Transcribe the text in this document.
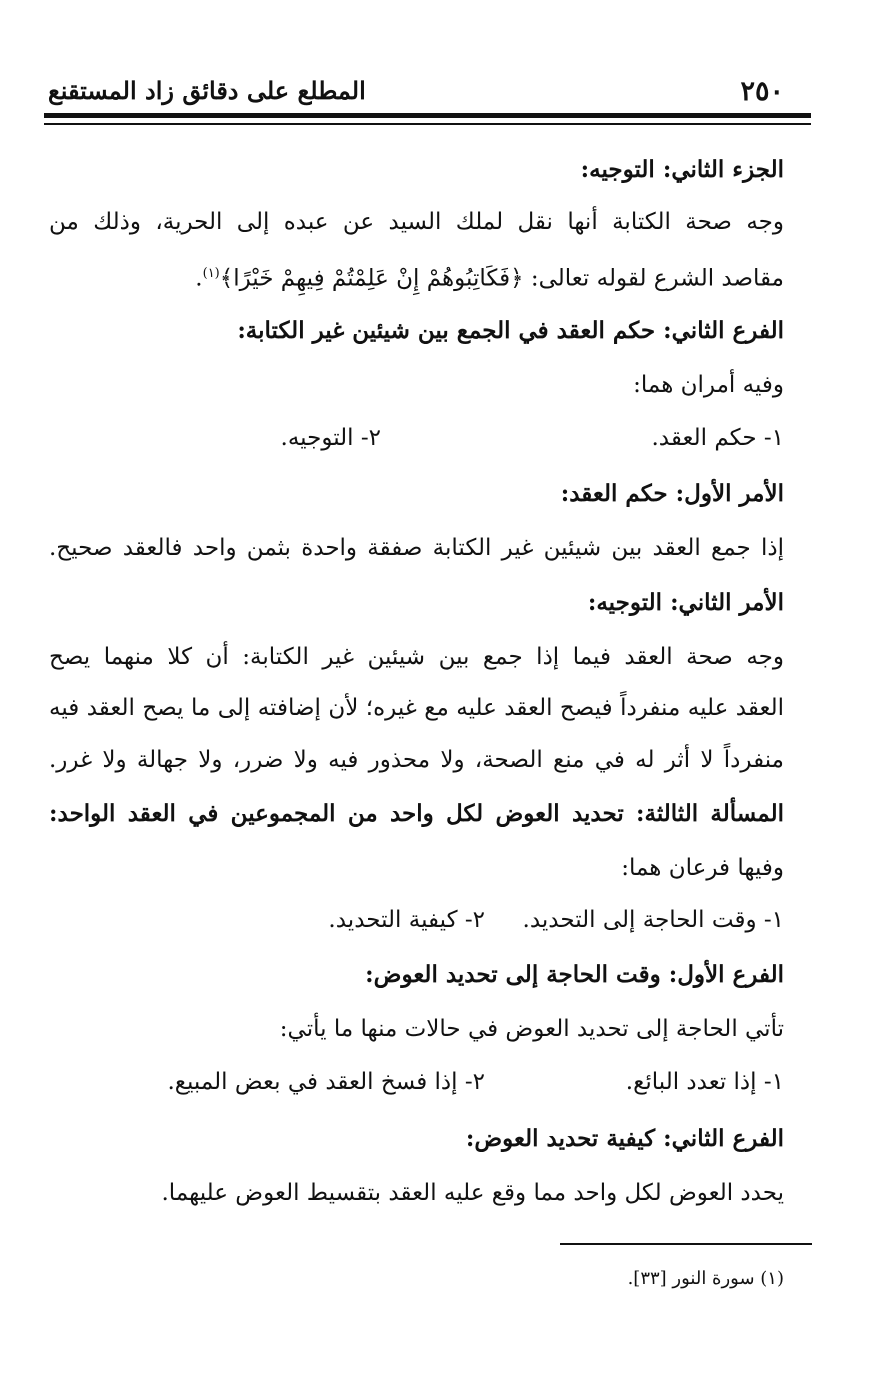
٢٥٠
المطلع على دقائق زاد المستقنع
الجزء الثاني: التوجيه:
وجه صحة الكتابة أنها نقل لملك السيد عن عبده إلى الحرية، وذلك من
مقاصد الشرع لقوله تعالى: ﴿فَكَاتِبُوهُمْ إِنْ عَلِمْتُمْ فِيهِمْ خَيْرًا﴾$^{(١)}$.
الفرع الثاني: حكم العقد في الجمع بين شيئين غير الكتابة:
وفيه أمران هما:
١- حكم العقد.
٢- التوجيه.
الأمر الأول: حكم العقد:
إذا جمع العقد بين شيئين غير الكتابة صفقة واحدة بثمن واحد فالعقد صحيح.
الأمر الثاني: التوجيه:
وجه صحة العقد فيما إذا جمع بين شيئين غير الكتابة: أن كلا منهما يصح
العقد عليه منفرداً فيصح العقد عليه مع غيره؛ لأن إضافته إلى ما يصح العقد فيه
منفرداً لا أثر له في منع الصحة، ولا محذور فيه ولا ضرر، ولا جهالة ولا غرر.
المسألة الثالثة: تحديد العوض لكل واحد من المجموعين في العقد الواحد:
وفيها فرعان هما:
١- وقت الحاجة إلى التحديد.
٢- كيفية التحديد.
الفرع الأول: وقت الحاجة إلى تحديد العوض:
تأتي الحاجة إلى تحديد العوض في حالات منها ما يأتي:
١- إذا تعدد البائع.
٢- إذا فسخ العقد في بعض المبيع.
الفرع الثاني: كيفية تحديد العوض:
يحدد العوض لكل واحد مما وقع عليه العقد بتقسيط العوض عليهما.
(١) سورة النور [٣٣].
